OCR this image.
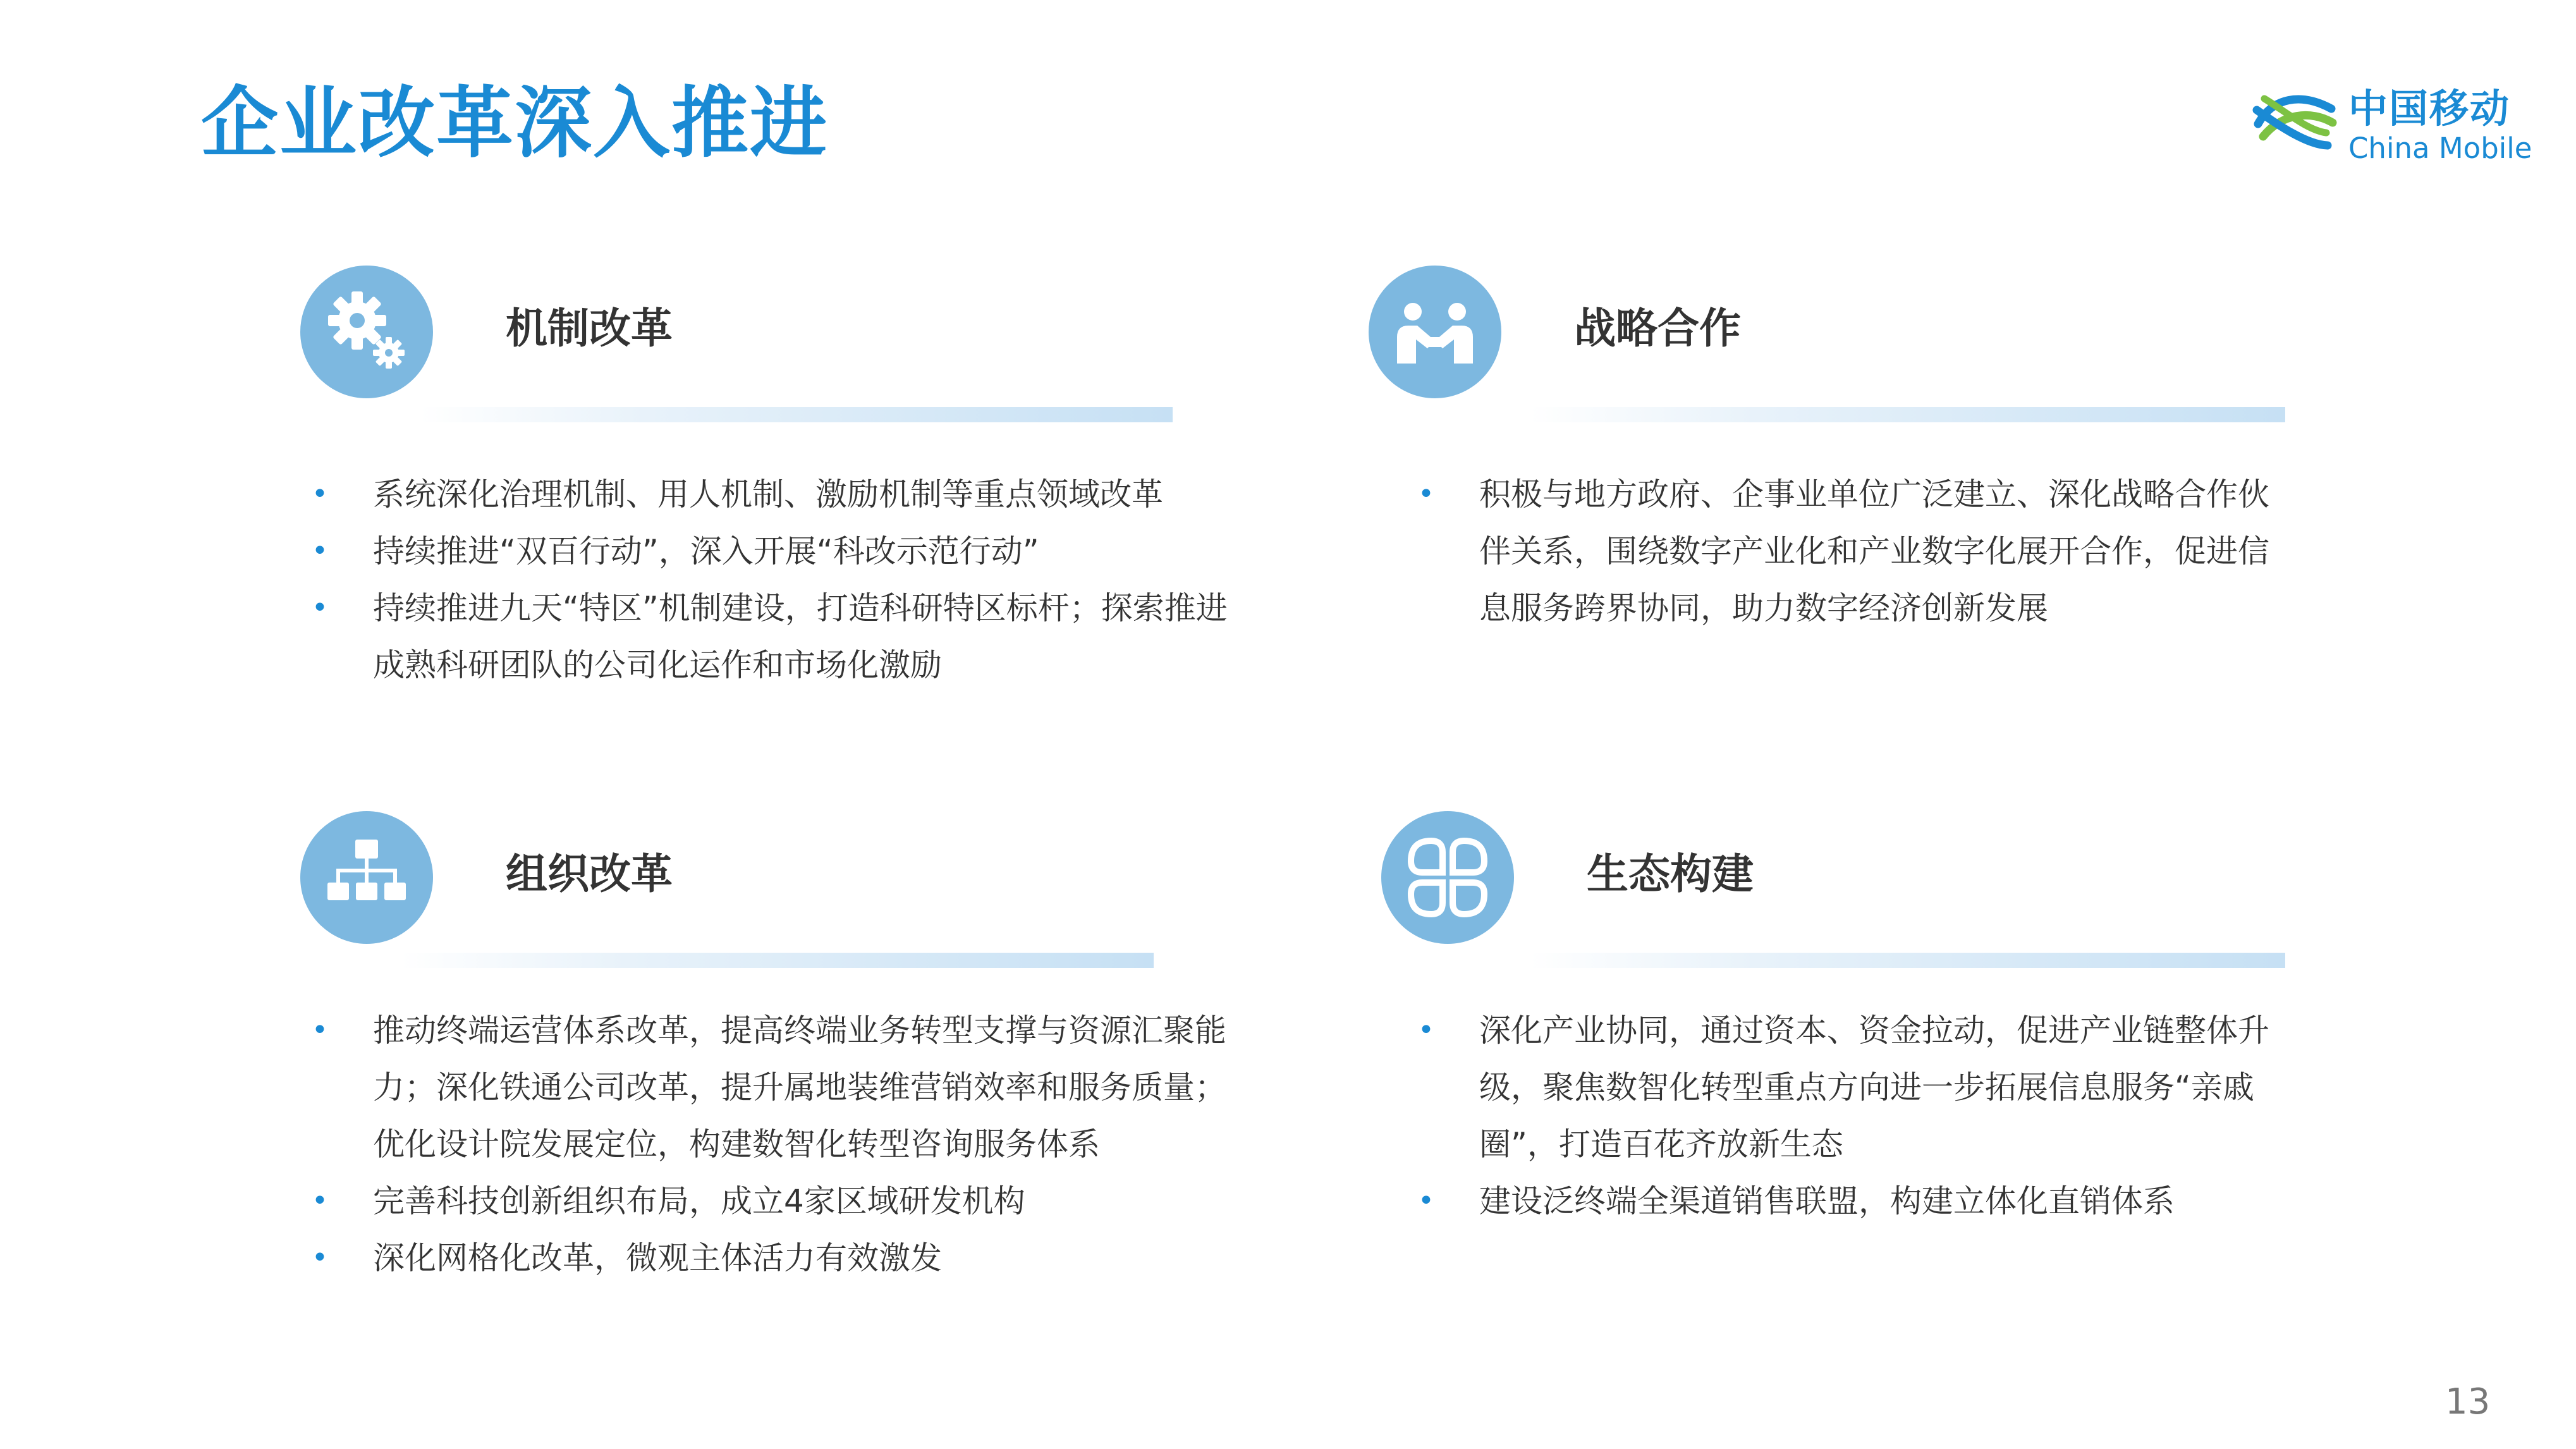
企业改革深入推进	中国移动
China Mobile
机制改革
• 系统深化治理机制、用人机制、激励机制等重点领域改革
• 持续推进“双百行动”，深入开展“科改示范行动”
• 持续推进九天“特区”机制建设，打造科研特区标杆；探索推进成熟科研团队的公司化运作和市场化激励
战略合作
• 积极与地方政府、企事业单位广泛建立、深化战略合作伙伴关系，围绕数字产业化和产业数字化展开合作，促进信息服务跨界协同，助力数字经济创新发展
组织改革
• 推动终端运营体系改革，提高终端业务转型支撑与资源汇聚能力；深化铁通公司改革，提升属地装维营销效率和服务质量；优化设计院发展定位，构建数智化转型咨询服务体系
• 完善科技创新组织布局，成立4家区域研发机构
• 深化网格化改革，微观主体活力有效激发
生态构建
• 深化产业协同，通过资本、资金拉动，促进产业链整体升级，聚焦数智化转型重点方向进一步拓展信息服务“亲戚圈”，打造百花齐放新生态
• 建设泛终端全渠道销售联盟，构建立体化直销体系
13
